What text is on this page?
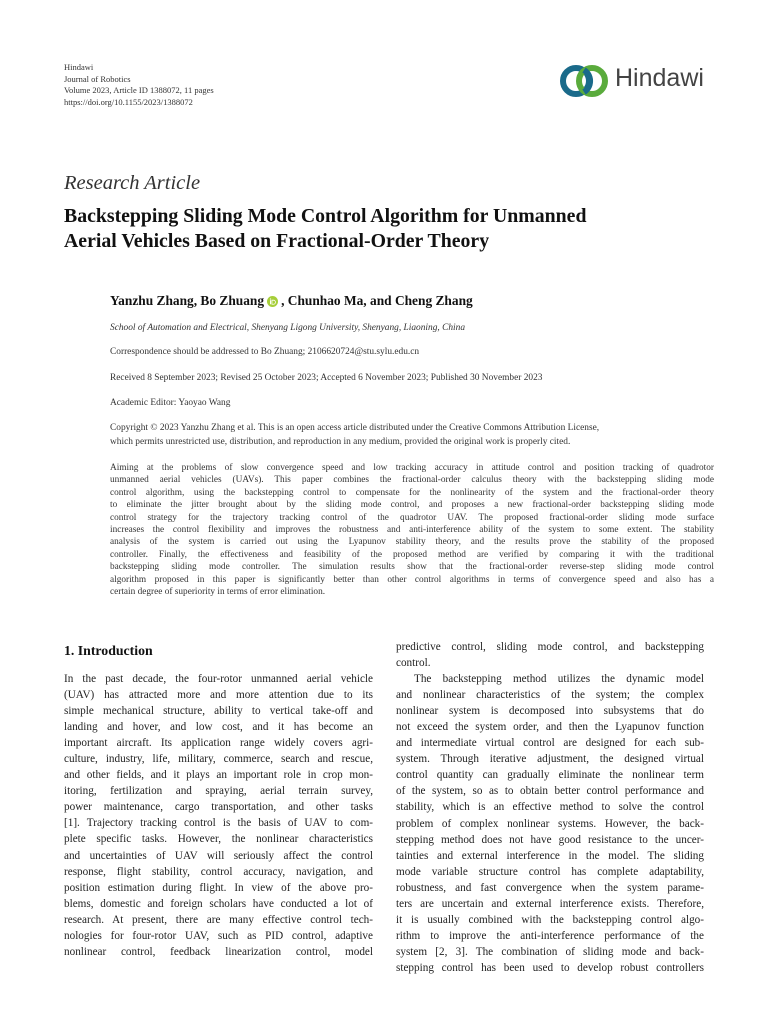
Hindawi
Journal of Robotics
Volume 2023, Article ID 1388072, 11 pages
https://doi.org/10.1155/2023/1388072
Hindawi
Research Article
Backstepping Sliding Mode Control Algorithm for Unmanned
Aerial Vehicles Based on Fractional-Order Theory
Yanzhu Zhang, Bo Zhuang , Chunhao Ma, and Cheng Zhang
School of Automation and Electrical, Shenyang Ligong University, Shenyang, Liaoning, China
Correspondence should be addressed to Bo Zhuang; 2106620724@stu.sylu.edu.cn
Received 8 September 2023; Revised 25 October 2023; Accepted 6 November 2023; Published 30 November 2023
Academic Editor: Yaoyao Wang
Copyright © 2023 Yanzhu Zhang et al. This is an open access article distributed under the Creative Commons Attribution License,
which permits unrestricted use, distribution, and reproduction in any medium, provided the original work is properly cited.
Aiming at the problems of slow convergence speed and low tracking accuracy in attitude control and position tracking of quadrotor
unmanned aerial vehicles (UAVs). This paper combines the fractional-order calculus theory with the backstepping sliding mode
control algorithm, using the backstepping control to compensate for the nonlinearity of the system and the fractional-order theory
to eliminate the jitter brought about by the sliding mode control, and proposes a new fractional-order backstepping sliding mode
control strategy for the trajectory tracking control of the quadrotor UAV. The proposed fractional-order sliding mode surface
increases the control flexibility and improves the robustness and anti-interference ability of the system to some extent. The stability
analysis of the system is carried out using the Lyapunov stability theory, and the results prove the stability of the proposed
controller. Finally, the effectiveness and feasibility of the proposed method are verified by comparing it with the traditional
backstepping sliding mode controller. The simulation results show that the fractional-order reverse-step sliding mode control
algorithm proposed in this paper is significantly better than other control algorithms in terms of convergence speed and also has a
certain degree of superiority in terms of error elimination.
1. Introduction
In the past decade, the four-rotor unmanned aerial vehicle
(UAV) has attracted more and more attention due to its
simple mechanical structure, ability to vertical take-off and
landing and hover, and low cost, and it has become an
important aircraft. Its application range widely covers agri-
culture, industry, life, military, commerce, search and rescue,
and other fields, and it plays an important role in crop mon-
itoring, fertilization and spraying, aerial terrain survey,
power maintenance, cargo transportation, and other tasks
[1]. Trajectory tracking control is the basis of UAV to com-
plete specific tasks. However, the nonlinear characteristics
and uncertainties of UAV will seriously affect the control
response, flight stability, control accuracy, navigation, and
position estimation during flight. In view of the above pro-
blems, domestic and foreign scholars have conducted a lot of
research. At present, there are many effective control tech-
nologies for four-rotor UAV, such as PID control, adaptive
nonlinear control, feedback linearization control, model
predictive control, sliding mode control, and backstepping
control.
The backstepping method utilizes the dynamic model
and nonlinear characteristics of the system; the complex
nonlinear system is decomposed into subsystems that do
not exceed the system order, and then the Lyapunov function
and intermediate virtual control are designed for each sub-
system. Through iterative adjustment, the designed virtual
control quantity can gradually eliminate the nonlinear term
of the system, so as to obtain better control performance and
stability, which is an effective method to solve the control
problem of complex nonlinear systems. However, the back-
stepping method does not have good resistance to the uncer-
tainties and external interference in the model. The sliding
mode variable structure control has complete adaptability,
robustness, and fast convergence when the system parame-
ters are uncertain and external interference exists. Therefore,
it is usually combined with the backstepping control algo-
rithm to improve the anti-interference performance of the
system [2, 3]. The combination of sliding mode and back-
stepping control has been used to develop robust controllers
